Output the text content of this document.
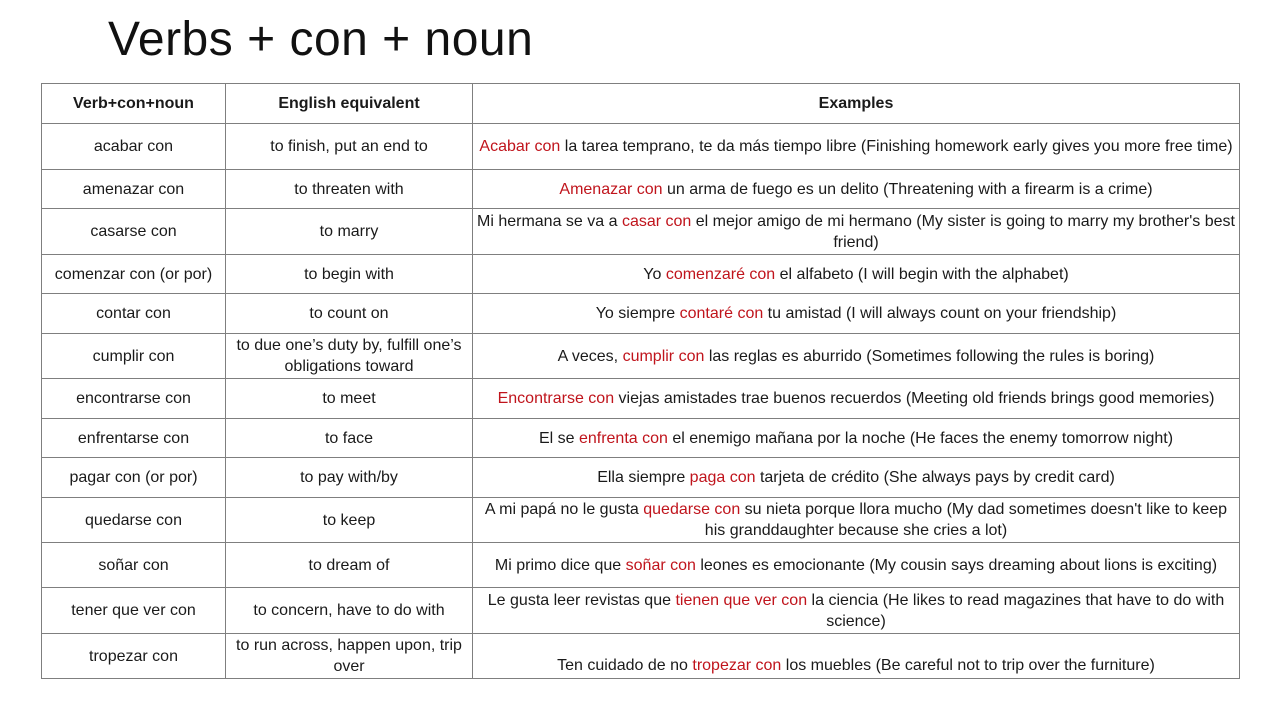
Verbs + con + noun
Verb+con+noun	English equivalent	Examples
acabar con	to finish, put an end to	Acabar con la tarea temprano, te da más tiempo libre (Finishing homework early gives you more free time)
amenazar con	to threaten with	Amenazar con un arma de fuego es un delito (Threatening with a firearm is a crime)
casarse con	to marry	Mi hermana se va a casar con el mejor amigo de mi hermano (My sister is going to marry my brother's best friend)
comenzar con (or por)	to begin with	Yo comenzaré con el alfabeto (I will begin with the alphabet)
contar con	to count on	Yo siempre contaré con tu amistad (I will always count on your friendship)
cumplir con	to due one’s duty by, fulfill one’s obligations toward	A veces, cumplir con las reglas es aburrido (Sometimes following the rules is boring)
encontrarse con	to meet	Encontrarse con viejas amistades trae buenos recuerdos (Meeting old friends brings good memories)
enfrentarse con	to face	El se enfrenta con el enemigo mañana por la noche (He faces the enemy tomorrow night)
pagar con (or por)	to pay with/by	Ella siempre paga con tarjeta de crédito (She always pays by credit card)
quedarse con	to keep	A mi papá no le gusta quedarse con su nieta porque llora mucho (My dad sometimes doesn't like to keep his granddaughter because she cries a lot)
soñar con	to dream of	Mi primo dice que soñar con leones es emocionante (My cousin says dreaming about lions is exciting)
tener que ver con	to concern, have to do with	Le gusta leer revistas que tienen que ver con la ciencia (He likes to read magazines that have to do with science)
tropezar con	to run across, happen upon, trip over	Ten cuidado de no tropezar con los muebles (Be careful not to trip over the furniture)
